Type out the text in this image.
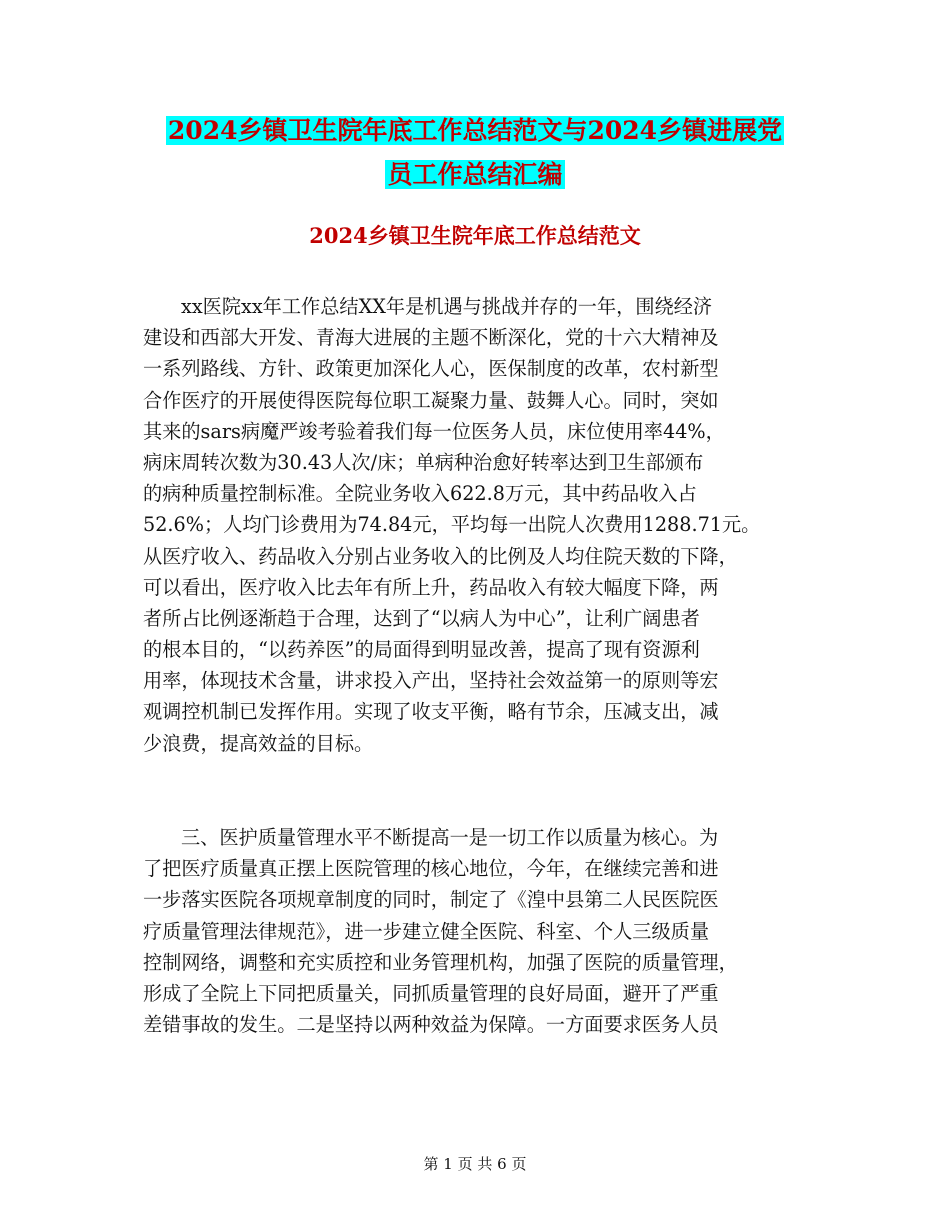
2024乡镇卫生院年底工作总结范文与2024乡镇进展党
员工作总结汇编
2024乡镇卫生院年底工作总结范文
xx医院xx年工作总结XX年是机遇与挑战并存的一年，围绕经济
建设和西部大开发、青海大进展的主题不断深化，党的十六大精神及
一系列路线、方针、政策更加深化人心，医保制度的改革，农村新型
合作医疗的开展使得医院每位职工凝聚力量、鼓舞人心。同时，突如
其来的sars病魔严竣考验着我们每一位医务人员，床位使用率44%，
病床周转次数为30.43人次/床；单病种治愈好转率达到卫生部颁布
的病种质量控制标准。全院业务收入622.8万元，其中药品收入占
52.6%；人均门诊费用为74.84元，平均每一出院人次费用1288.71元。
从医疗收入、药品收入分别占业务收入的比例及人均住院天数的下降，
可以看出，医疗收入比去年有所上升，药品收入有较大幅度下降，两
者所占比例逐渐趋于合理，达到了“以病人为中心”，让利广阔患者
的根本目的，“以药养医”的局面得到明显改善，提高了现有资源利
用率，体现技术含量，讲求投入产出，坚持社会效益第一的原则等宏
观调控机制已发挥作用。实现了收支平衡，略有节余，压减支出，减
少浪费，提高效益的目标。
三、医护质量管理水平不断提高一是一切工作以质量为核心。为
了把医疗质量真正摆上医院管理的核心地位，今年，在继续完善和进
一步落实医院各项规章制度的同时，制定了《湟中县第二人民医院医
疗质量管理法律规范》，进一步建立健全医院、科室、个人三级质量
控制网络，调整和充实质控和业务管理机构，加强了医院的质量管理，
形成了全院上下同把质量关，同抓质量管理的良好局面，避开了严重
差错事故的发生。二是坚持以两种效益为保障。一方面要求医务人员
第 1 页 共 6 页
